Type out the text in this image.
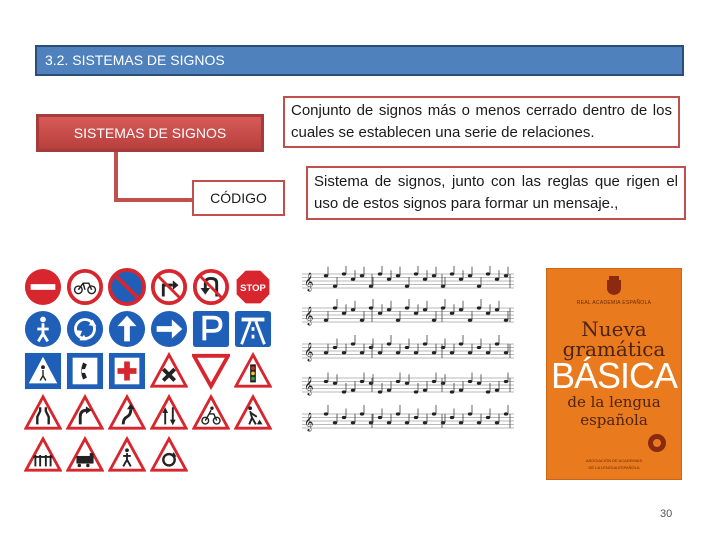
3.2. SISTEMAS DE SIGNOS
SISTEMAS DE SIGNOS
CÓDIGO
Conjunto de signos más o menos cerrado dentro de los cuales se establecen una serie de relaciones.
Sistema de signos, junto con las reglas que rigen el uso de estos signos para formar un mensaje.,
STOP 𝄞
𝄞
𝄞
𝄞
𝄞
REAL ACADEMIA ESPAÑOLA
Nueva
gramática
BÁSICA
de la lengua
española
ASOCIACIÓN DE ACADEMIAS
DE LA LENGUA ESPAÑOLA
30
